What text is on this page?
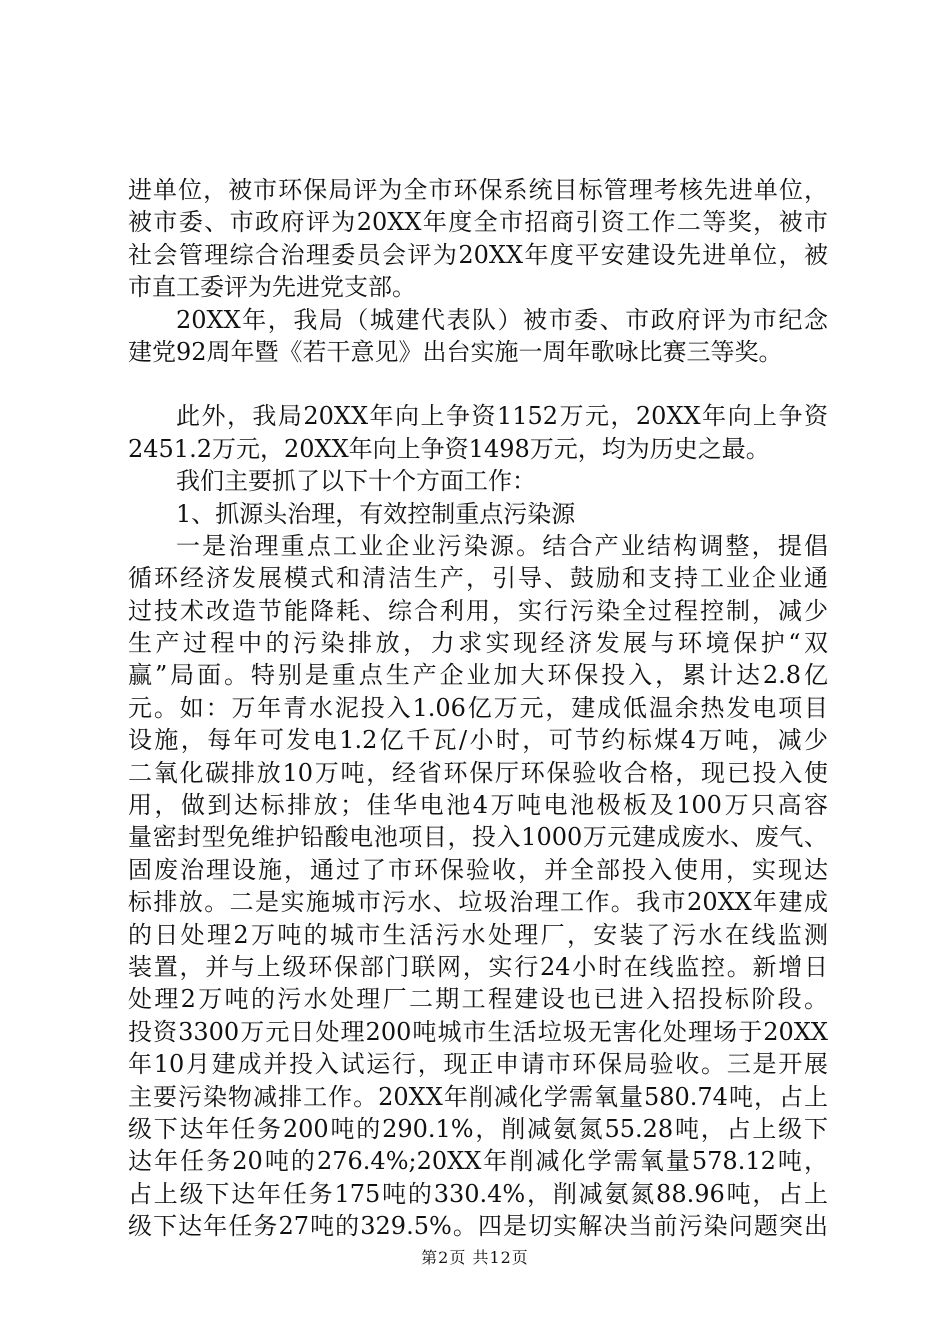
进单位，被市环保局评为全市环保系统目标管理考核先进单位，
被市委、市政府评为20XX年度全市招商引资工作二等奖，被市
社会管理综合治理委员会评为20XX年度平安建设先进单位，被
市直工委评为先进党支部。
20XX年，我局（城建代表队）被市委、市政府评为市纪念
建党92周年暨《若干意见》出台实施一周年歌咏比赛三等奖。
此外，我局20XX年向上争资1152万元，20XX年向上争资
2451.2万元，20XX年向上争资1498万元，均为历史之最。
我们主要抓了以下十个方面工作：
1、抓源头治理，有效控制重点污染源
一是治理重点工业企业污染源。结合产业结构调整，提倡
循环经济发展模式和清洁生产，引导、鼓励和支持工业企业通
过技术改造节能降耗、综合利用，实行污染全过程控制，减少
生产过程中的污染排放，力求实现经济发展与环境保护“双
赢”局面。特别是重点生产企业加大环保投入，累计达2.8亿
元。如：万年青水泥投入1.06亿万元，建成低温余热发电项目
设施，每年可发电1.2亿千瓦/小时，可节约标煤4万吨，减少
二氧化碳排放10万吨，经省环保厅环保验收合格，现已投入使
用，做到达标排放；佳华电池4万吨电池极板及100万只高容
量密封型免维护铅酸电池项目，投入1000万元建成废水、废气、
固废治理设施，通过了市环保验收，并全部投入使用，实现达
标排放。二是实施城市污水、垃圾治理工作。我市20XX年建成
的日处理2万吨的城市生活污水处理厂，安装了污水在线监测
装置，并与上级环保部门联网，实行24小时在线监控。新增日
处理2万吨的污水处理厂二期工程建设也已进入招投标阶段。
投资3300万元日处理200吨城市生活垃圾无害化处理场于20XX
年10月建成并投入试运行，现正申请市环保局验收。三是开展
主要污染物减排工作。20XX年削减化学需氧量580.74吨，占上
级下达年任务200吨的290.1%，削减氨氮55.28吨，占上级下
达年任务20吨的276.4%;20XX年削减化学需氧量578.12吨，
占上级下达年任务175吨的330.4%，削减氨氮88.96吨，占上
级下达年任务27吨的329.5%。四是切实解决当前污染问题突出
第2页 共12页
